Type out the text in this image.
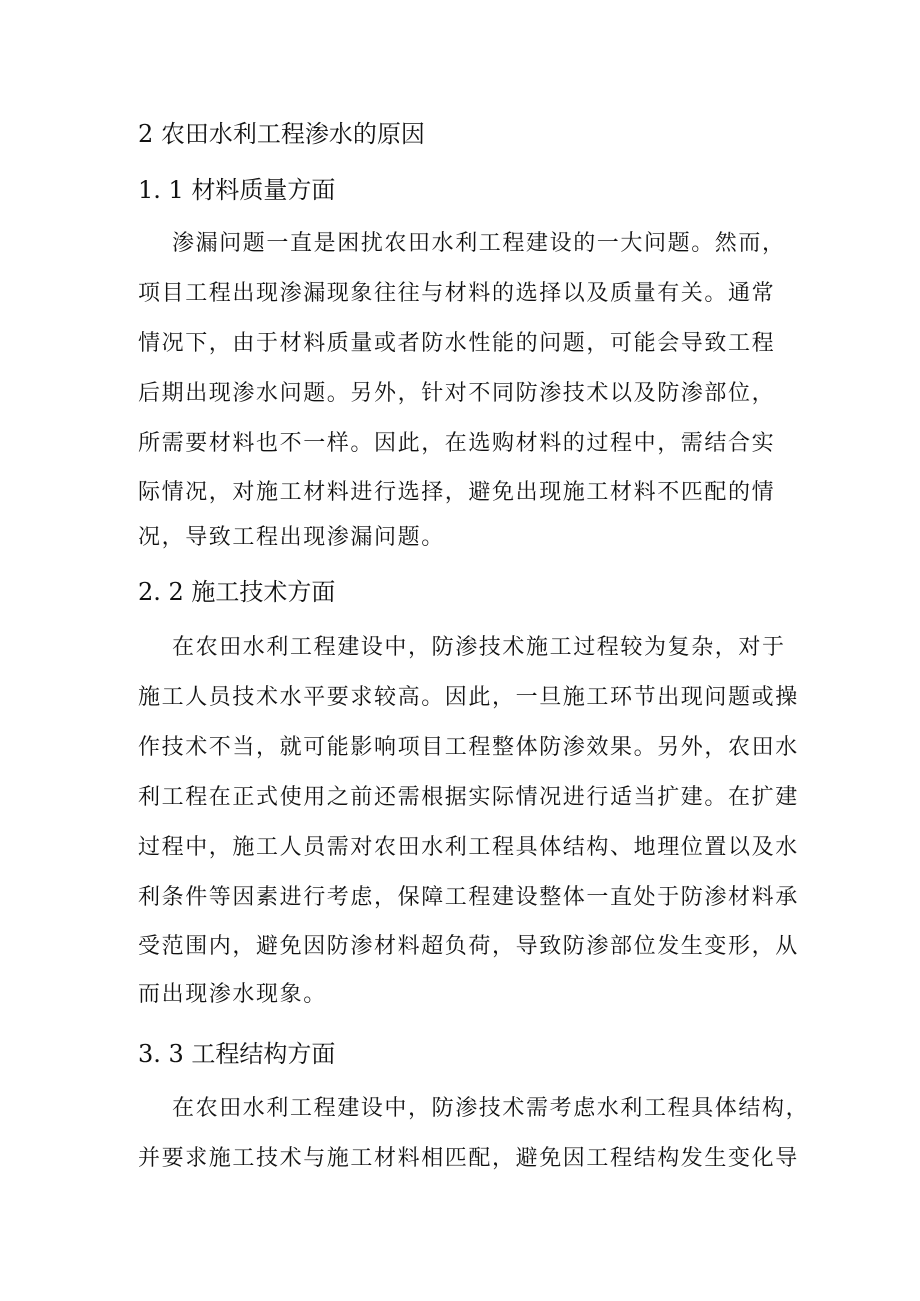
2 农田水利工程渗水的原因
1. 1 材料质量方面

渗漏问题一直是困扰农田水利工程建设的一大问题。然而，

项目工程出现渗漏现象往往与材料的选择以及质量有关。通常

情况下，由于材料质量或者防水性能的问题，可能会导致工程

后期出现渗水问题。另外，针对不同防渗技术以及防渗部位，

所需要材料也不一样。因此，在选购材料的过程中，需结合实

际情况，对施工材料进行选择，避免出现施工材料不匹配的情

况，导致工程出现渗漏问题。

2. 2 施工技术方面

在农田水利工程建设中，防渗技术施工过程较为复杂，对于

施工人员技术水平要求较高。因此，一旦施工环节出现问题或操

作技术不当，就可能影响项目工程整体防渗效果。另外，农田水

利工程在正式使用之前还需根据实际情况进行适当扩建。在扩建

过程中，施工人员需对农田水利工程具体结构、地理位置以及水

利条件等因素进行考虑，保障工程建设整体一直处于防渗材料承

受范围内，避免因防渗材料超负荷，导致防渗部位发生变形，从

而出现渗水现象。

3. 3 工程结构方面

在农田水利工程建设中，防渗技术需考虑水利工程具体结构，

并要求施工技术与施工材料相匹配，避免因工程结构发生变化导
